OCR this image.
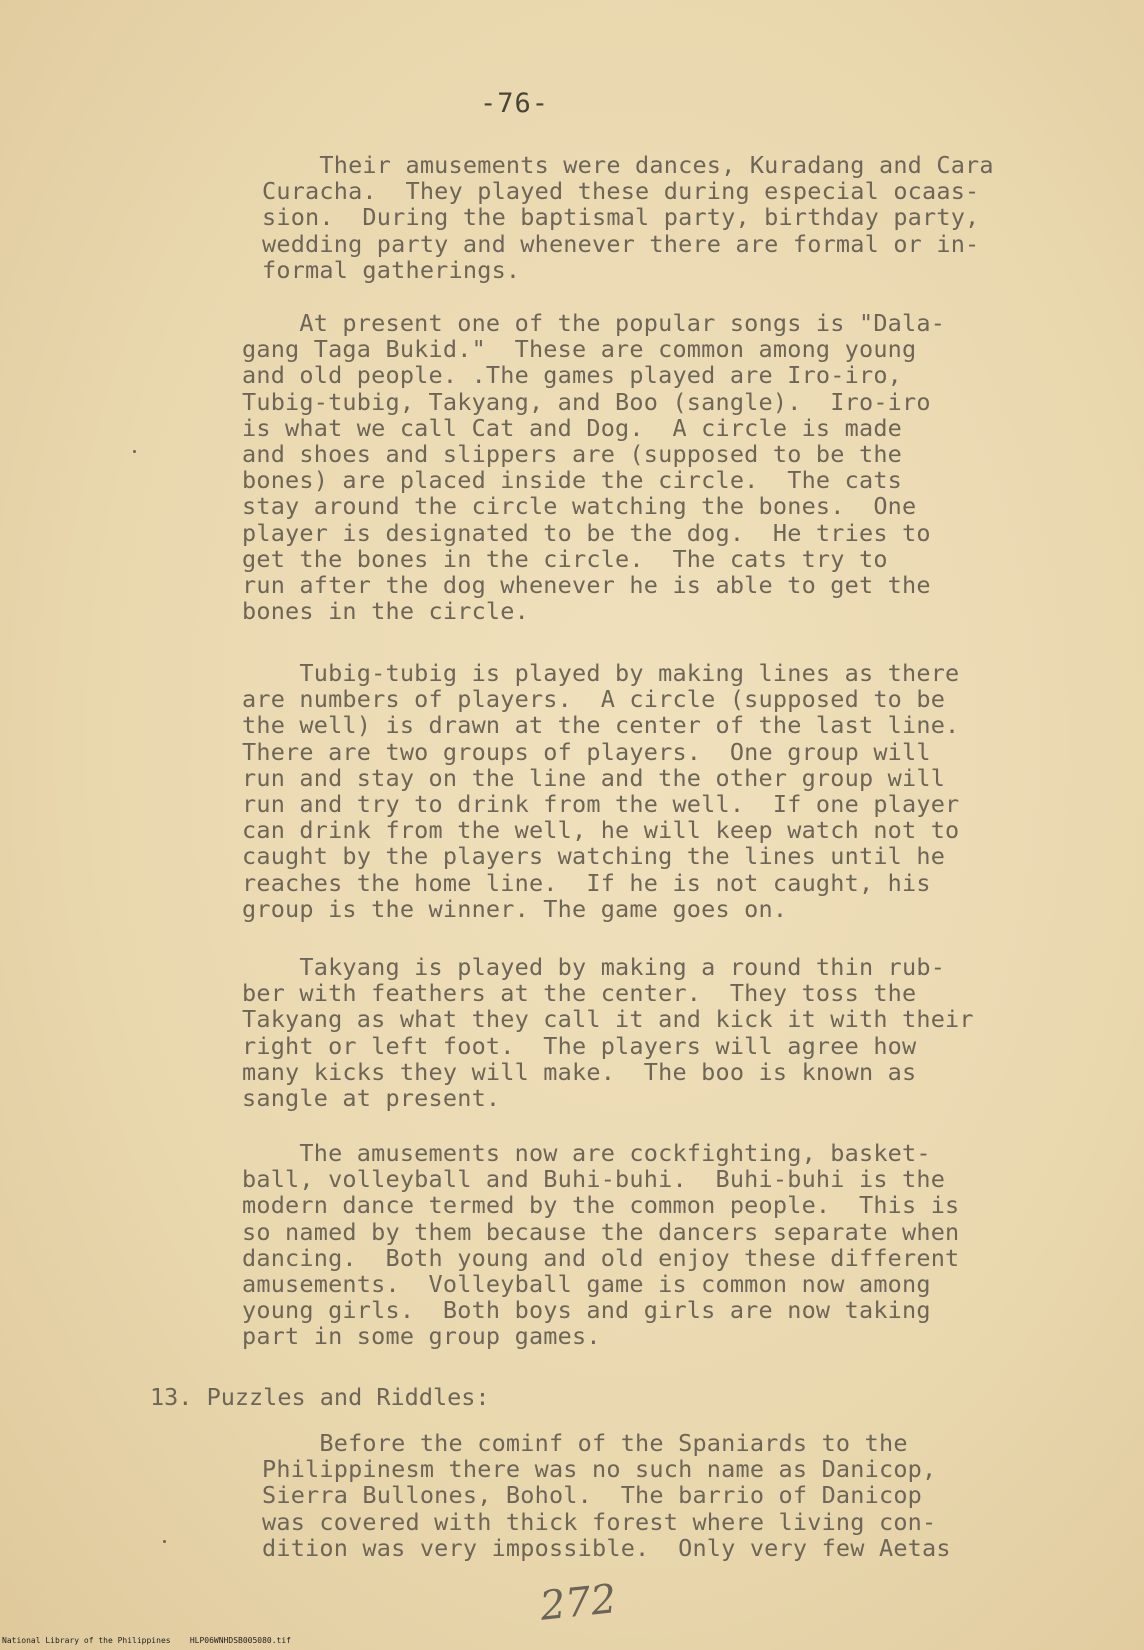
-76-

Their amusements were dances, Kuradang and Cara
Curacha.  They played these during especial ocaas-
sion.  During the baptismal party, birthday party,
wedding party and whenever there are formal or in-
formal gatherings.

At present one of the popular songs is "Dala-
gang Taga Bukid."  These are common among young
and old people. .The games played are Iro-iro,
Tubig-tubig, Takyang, and Boo (sangle).  Iro-iro
is what we call Cat and Dog.  A circle is made
and shoes and slippers are (supposed to be the
bones) are placed inside the circle.  The cats
stay around the circle watching the bones.  One
player is designated to be the dog.  He tries to
get the bones in the circle.  The cats try to
run after the dog whenever he is able to get the
bones in the circle.

Tubig-tubig is played by making lines as there
are numbers of players.  A circle (supposed to be
the well) is drawn at the center of the last line.
There are two groups of players.  One group will
run and stay on the line and the other group will
run and try to drink from the well.  If one player
can drink from the well, he will keep watch not to
caught by the players watching the lines until he
reaches the home line.  If he is not caught, his
group is the winner. The game goes on.

Takyang is played by making a round thin rub-
ber with feathers at the center.  They toss the
Takyang as what they call it and kick it with their
right or left foot.  The players will agree how
many kicks they will make.  The boo is known as
sangle at present.

The amusements now are cockfighting, basket-
ball, volleyball and Buhi-buhi.  Buhi-buhi is the
modern dance termed by the common people.  This is
so named by them because the dancers separate when
dancing.  Both young and old enjoy these different
amusements.  Volleyball game is common now among
young girls.  Both boys and girls are now taking
part in some group games.

13. Puzzles and Riddles:

Before the cominf of the Spaniards to the
Philippinesm there was no such name as Danicop,
Sierra Bullones, Bohol.  The barrio of Danicop
was covered with thick forest where living con-
dition was very impossible.  Only very few Aetas

272
National Library of the Philippines    HLP06WNHDSB005080.tif
